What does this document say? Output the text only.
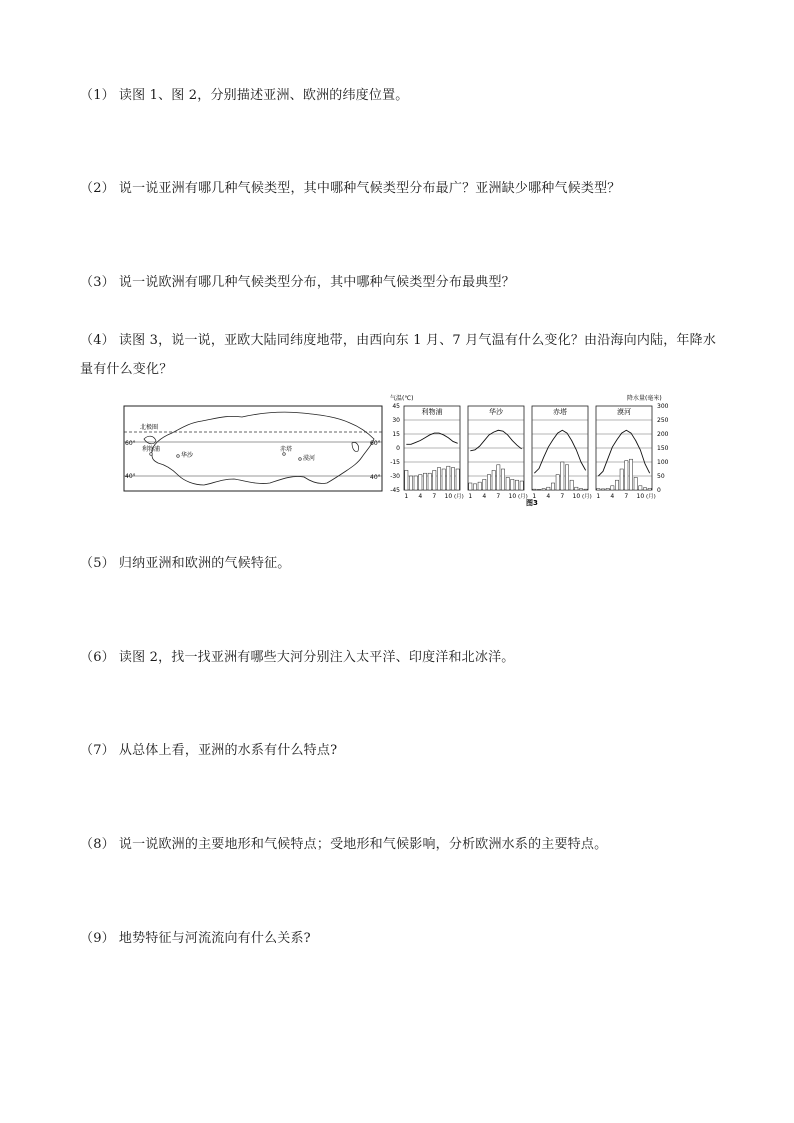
（1） 读图 1、图 2，分别描述亚洲、欧洲的纬度位置。
（2） 说一说亚洲有哪几种气候类型，其中哪种气候类型分布最广？亚洲缺少哪种气候类型？
（3） 说一说欧洲有哪几种气候类型分布，其中哪种气候类型分布最典型？
（4） 读图 3，说一说，亚欧大陆同纬度地带，由西向东 1 月、7 月气温有什么变化？由沿海向内陆，年降水量有什么变化？
北极圈
60°	60°
40°	40°
利物浦
华沙
赤塔
漠河
气温(℃)	降水量(毫米)
45
30
15
0
-15
-30
-45
300
250
200
150
100
50
0
利物浦
1 4 7 10 (月)
华沙
1 4 7 10 (月)
赤塔
1 4 7 10 (月)
漠河
1 4 7 10 (月)
图3
（5） 归纳亚洲和欧洲的气候特征。
（6） 读图 2，找一找亚洲有哪些大河分别注入太平洋、印度洋和北冰洋。
（7） 从总体上看，亚洲的水系有什么特点?
（8） 说一说欧洲的主要地形和气候特点；受地形和气候影响，分析欧洲水系的主要特点。
（9） 地势特征与河流流向有什么关系?
